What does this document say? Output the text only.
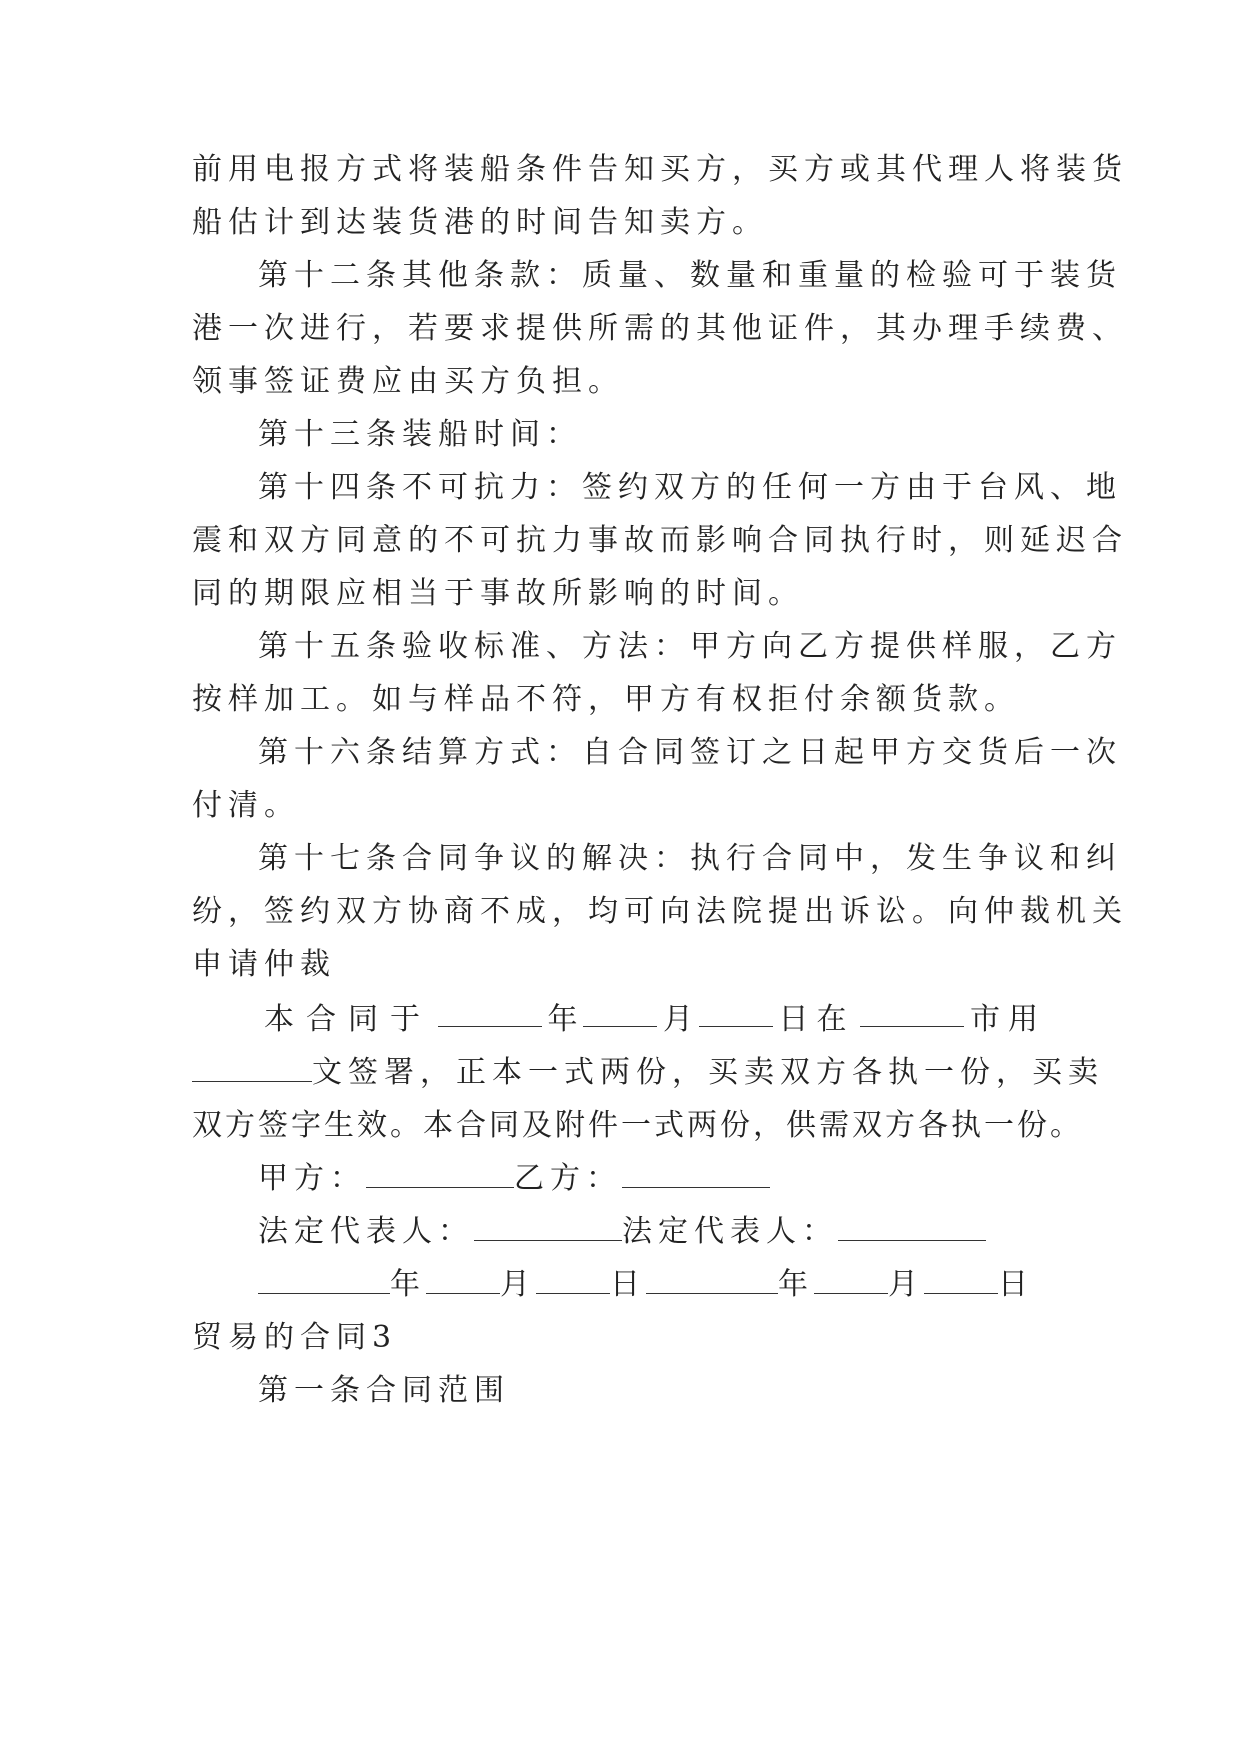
前用电报方式将装船条件告知买方，买方或其代理人将装货
船估计到达装货港的时间告知卖方。
第十二条其他条款：质量、数量和重量的检验可于装货
港一次进行，若要求提供所需的其他证件，其办理手续费、
领事签证费应由买方负担。
第十三条装船时间：
第十四条不可抗力：签约双方的任何一方由于台风、地
震和双方同意的不可抗力事故而影响合同执行时，则延迟合
同的期限应相当于事故所影响的时间。
第十五条验收标准、方法：甲方向乙方提供样服，乙方
按样加工。如与样品不符，甲方有权拒付余额货款。
第十六条结算方式：自合同签订之日起甲方交货后一次
付清。
第十七条合同争议的解决：执行合同中，发生争议和纠
纷，签约双方协商不成，均可向法院提出诉讼。向仲裁机关
申请仲裁
本合同于	年	月	日在	市用
文签署，正本一式两份，买卖双方各执一份，买卖
双方签字生效。本合同及附件一式两份，供需双方各执一份。
甲方：	乙方：
法定代表人：	法定代表人：
年 月 日	年 月 日
贸易的合同3
第一条合同范围
